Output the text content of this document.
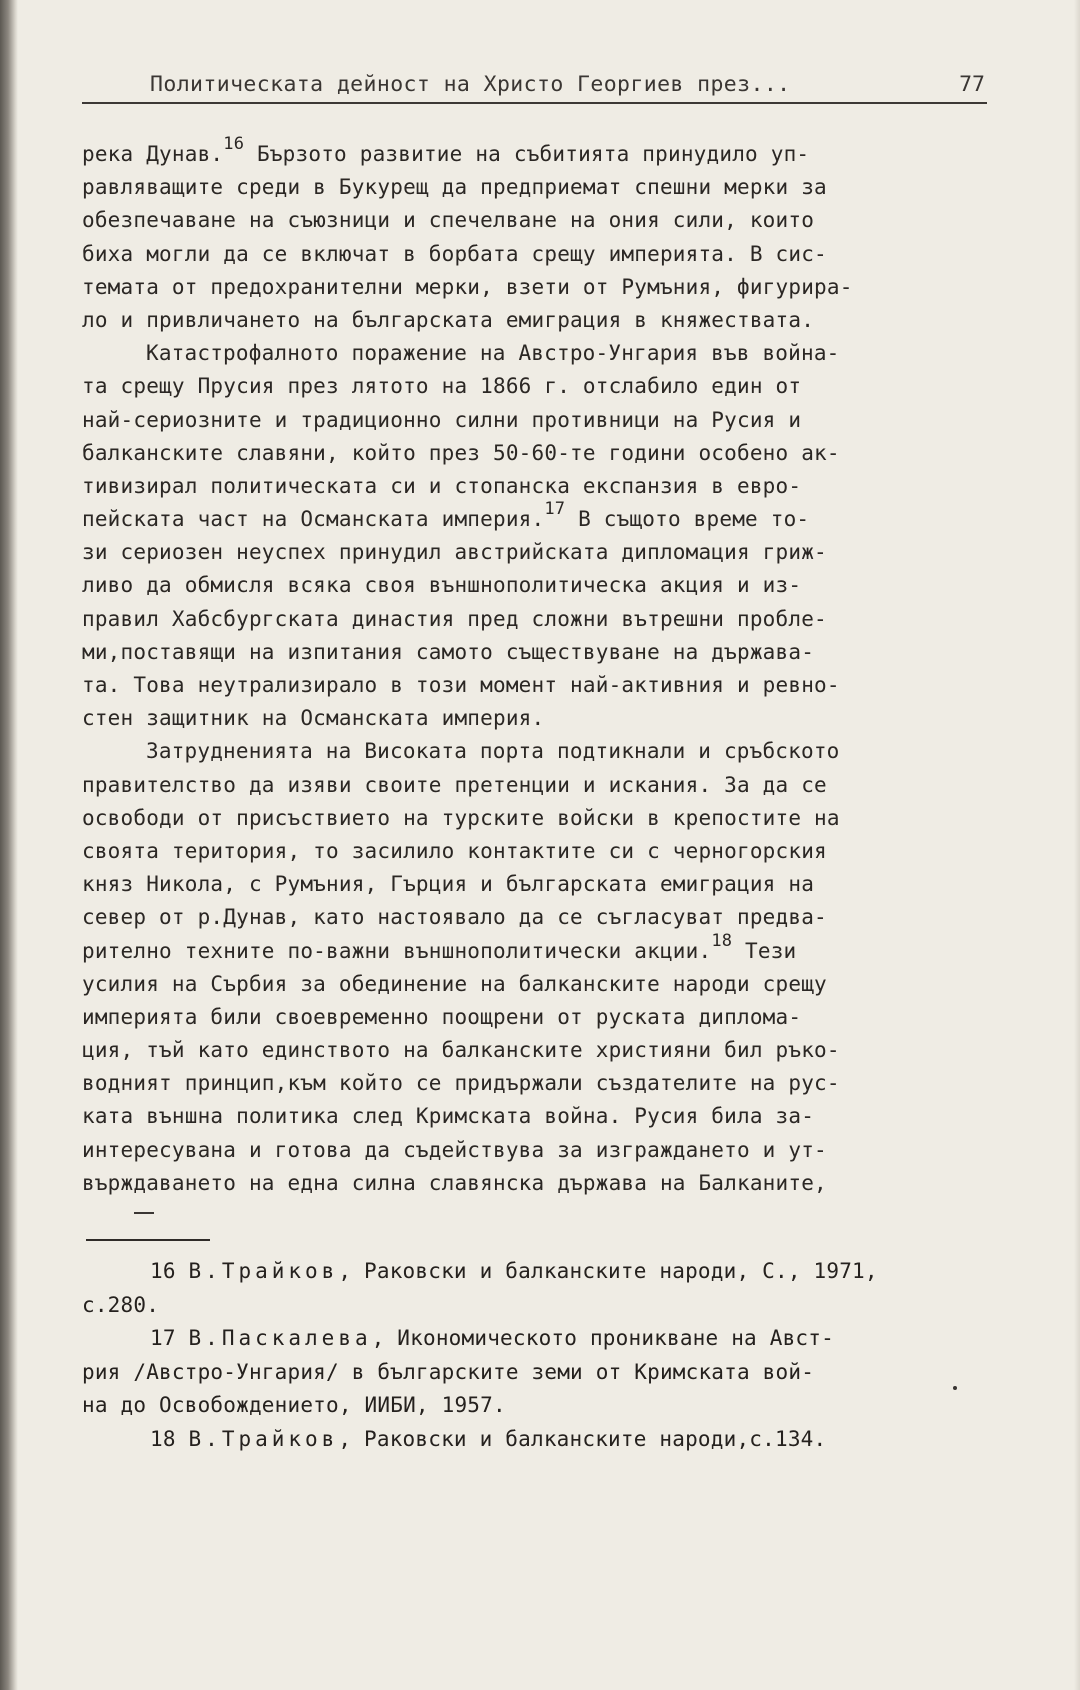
Политическата дейност на Христо Георгиев през...	77
река Дунав.$^{16}$ Бързото развитие на събитията принудило уп-
равляващите среди в Букурещ да предприемат спешни мерки за
обезпечаване на съюзници и спечелване на ония сили, които
биха могли да се включат в борбата срещу империята. В сис-
темата от предохранителни мерки, взети от Румъния, фигурира-
ло и привличането на българската емиграция в княжествата.
Катастрофалното поражение на Австро-Унгария във война-
та срещу Прусия през лятото на 1866 г. отслабило един от
най-сериозните и традиционно силни противници на Русия и
балканските славяни, който през 50-60-те години особено ак-
тивизирал политическата си и стопанска експанзия в евро-
пейската част на Османската империя.$^{17}$ В същото време то-
зи сериозен неуспех принудил австрийската дипломация гриж-
ливо да обмисля всяка своя външнополитическа акция и из-
правил Хабсбургската династия пред сложни вътрешни пробле-
ми,поставящи на изпитания самото съществуване на държава-
та. Това неутрализирало в този момент най-активния и ревно-
стен защитник на Османската империя.
Затрудненията на Високата порта подтикнали и сръбското
правителство да изяви своите претенции и искания. За да се
освободи от присъствието на турските войски в крепостите на
своята територия, то засилило контактите си с черногорския
княз Никола, с Румъния, Гърция и българската емиграция на
север от р.Дунав, като настоявало да се съгласуват предва-
рително техните по-важни външнополитически акции.$^{18}$ Тези
усилия на Сърбия за обединение на балканските народи срещу
империята били своевременно поощрени от руската диплома-
ция, тъй като единството на балканските християни бил ръко-
водният принцип,към който се придържали създателите на рус-
ката външна политика след Кримската война. Русия била за-
интересувана и готова да съдействува за изграждането и ут-
върждаването на една силна славянска държава на Балканите,
16 В.Трайков, Раковски и балканските народи, С., 1971,
с.280.
17 В.Паскалева, Икономическото проникване на Авст-
рия /Австро-Унгария/ в българските земи от Кримската вой-
на до Освобождението, ИИБИ, 1957.
18 В.Трайков, Раковски и балканските народи,с.134.
